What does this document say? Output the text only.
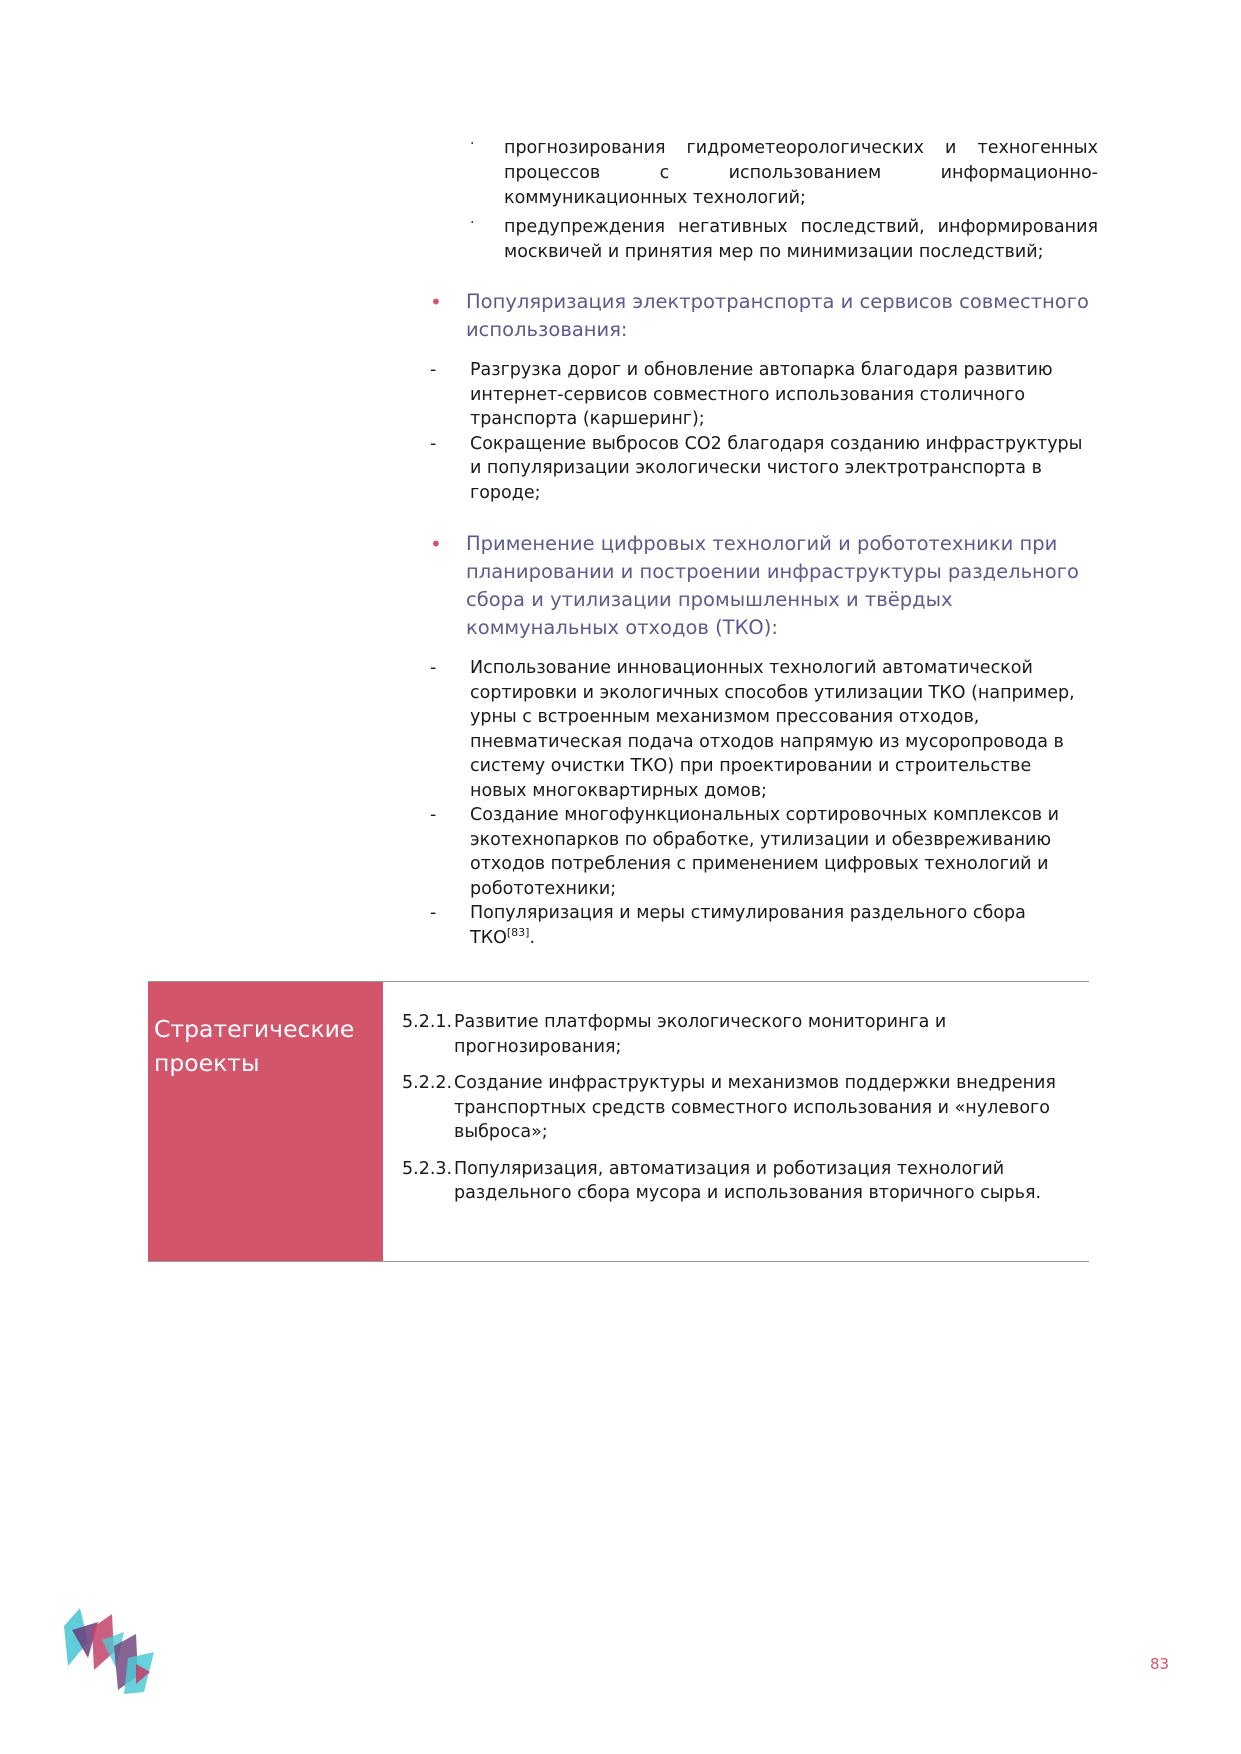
· прогнозирования гидрометеорологических и техногенных процессов с использованием информационно-коммуникационных технологий;
· предупреждения негативных последствий, информирования москвичей и принятия мер по минимизации последствий;
• Популяризация электротранспорта и сервисов совместного использования:
- Разгрузка дорог и обновление автопарка благодаря развитию интернет-сервисов совместного использования столичного транспорта (каршеринг);
- Сокращение выбросов СО2 благодаря созданию инфраструктуры и популяризации экологически чистого электротранспорта в городе;
• Применение цифровых технологий и робототехники при планировании и построении инфраструктуры раздельного сбора и утилизации промышленных и твёрдых коммунальных отходов (ТКО):
- Использование инновационных технологий автоматической сортировки и экологичных способов утилизации ТКО (например, урны с встроенным механизмом прессования отходов, пневматическая подача отходов напрямую из мусоропровода в систему очистки ТКО) при проектировании и строительстве новых многоквартирных домов;
- Создание многофункциональных сортировочных комплексов и экотехнопарков по обработке, утилизации и обезвреживанию отходов потребления с применением цифровых технологий и робототехники;
- Популяризация и меры стимулирования раздельного сбора ТКО[83].
Стратегические проекты
5.2.1. Развитие платформы экологического мониторинга и прогнозирования;
5.2.2. Создание инфраструктуры и механизмов поддержки внедрения транспортных средств совместного использования и «нулевого выброса»;
5.2.3. Популяризация, автоматизация и роботизация технологий раздельного сбора мусора и использования вторичного сырья.
83
